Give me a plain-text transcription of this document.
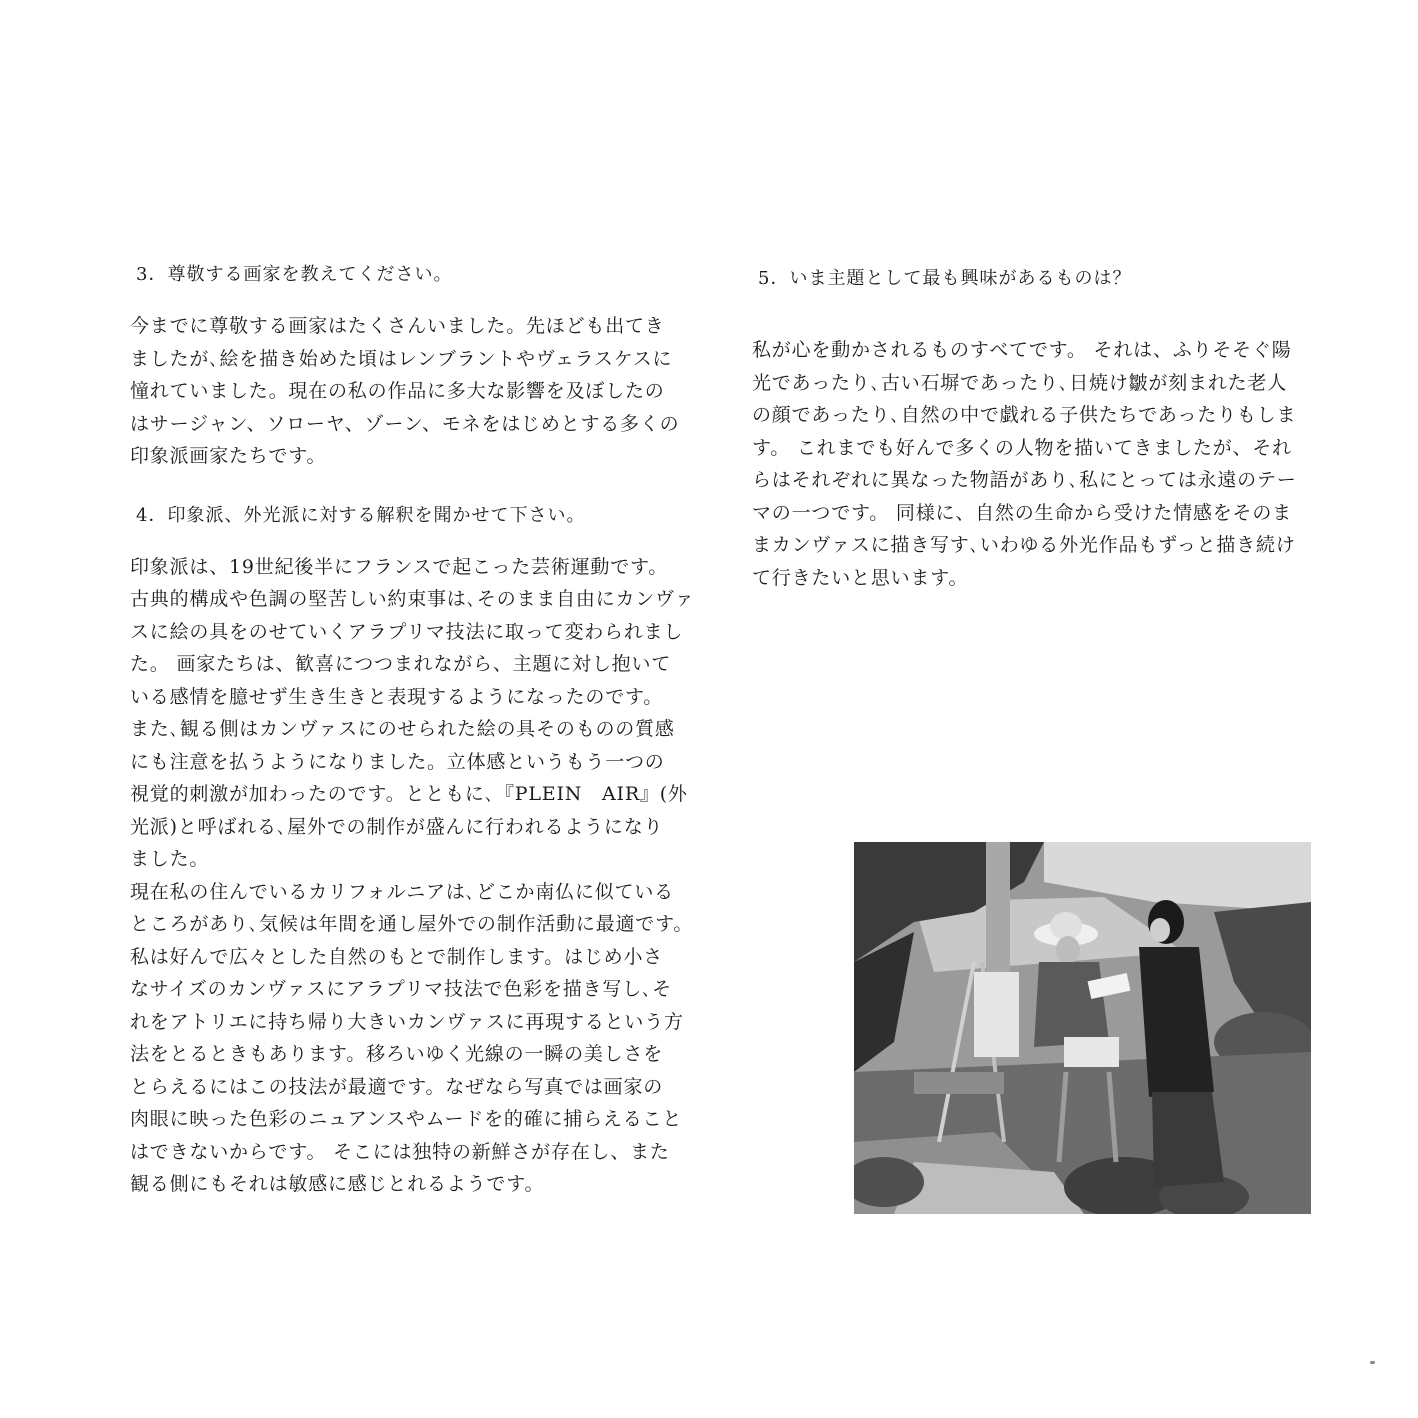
3．尊敬する画家を教えてください。

今までに尊敬する画家はたくさんいました。先ほども出てき
ましたが､絵を描き始めた頃はレンブラントやヴェラスケスに
憧れていました。現在の私の作品に多大な影響を及ぼしたの
はサージャン、ソローヤ、ゾーン、モネをはじめとする多くの
印象派画家たちです。

4．印象派、外光派に対する解釈を聞かせて下さい。

印象派は、19世紀後半にフランスで起こった芸術運動です。
古典的構成や色調の堅苦しい約束事は､そのまま自由にカンヴァ
スに絵の具をのせていくアラプリマ技法に取って変わられまし
た。 画家たちは、歓喜につつまれながら、主題に対し抱いて
いる感情を臆せず生き生きと表現するようになったのです。
また､観る側はカンヴァスにのせられた絵の具そのものの質感
にも注意を払うようになりました。立体感というもう一つの
視覚的刺激が加わったのです。とともに､『PLEIN　AIR』(外
光派)と呼ばれる､屋外での制作が盛んに行われるようになり
ました。
現在私の住んでいるカリフォルニアは､どこか南仏に似ている
ところがあり､気候は年間を通し屋外での制作活動に最適です。
私は好んで広々とした自然のもとで制作します。はじめ小さ
なサイズのカンヴァスにアラプリマ技法で色彩を描き写し､そ
れをアトリエに持ち帰り大きいカンヴァスに再現するという方
法をとるときもあります。移ろいゆく光線の一瞬の美しさを
とらえるにはこの技法が最適です。なぜなら写真では画家の
肉眼に映った色彩のニュアンスやムードを的確に捕らえること
はできないからです。 そこには独特の新鮮さが存在し、また
観る側にもそれは敏感に感じとれるようです。

5．いま主題として最も興味があるものは？

私が心を動かされるものすべてです。 それは、ふりそそぐ陽
光であったり､古い石塀であったり､日焼け皺が刻まれた老人
の顔であったり､自然の中で戯れる子供たちであったりもしま
す。 これまでも好んで多くの人物を描いてきましたが、それ
らはそれぞれに異なった物語があり､私にとっては永遠のテー
マの一つです。 同様に、自然の生命から受けた情感をそのま
まカンヴァスに描き写す､いわゆる外光作品もずっと描き続け
て行きたいと思います。
